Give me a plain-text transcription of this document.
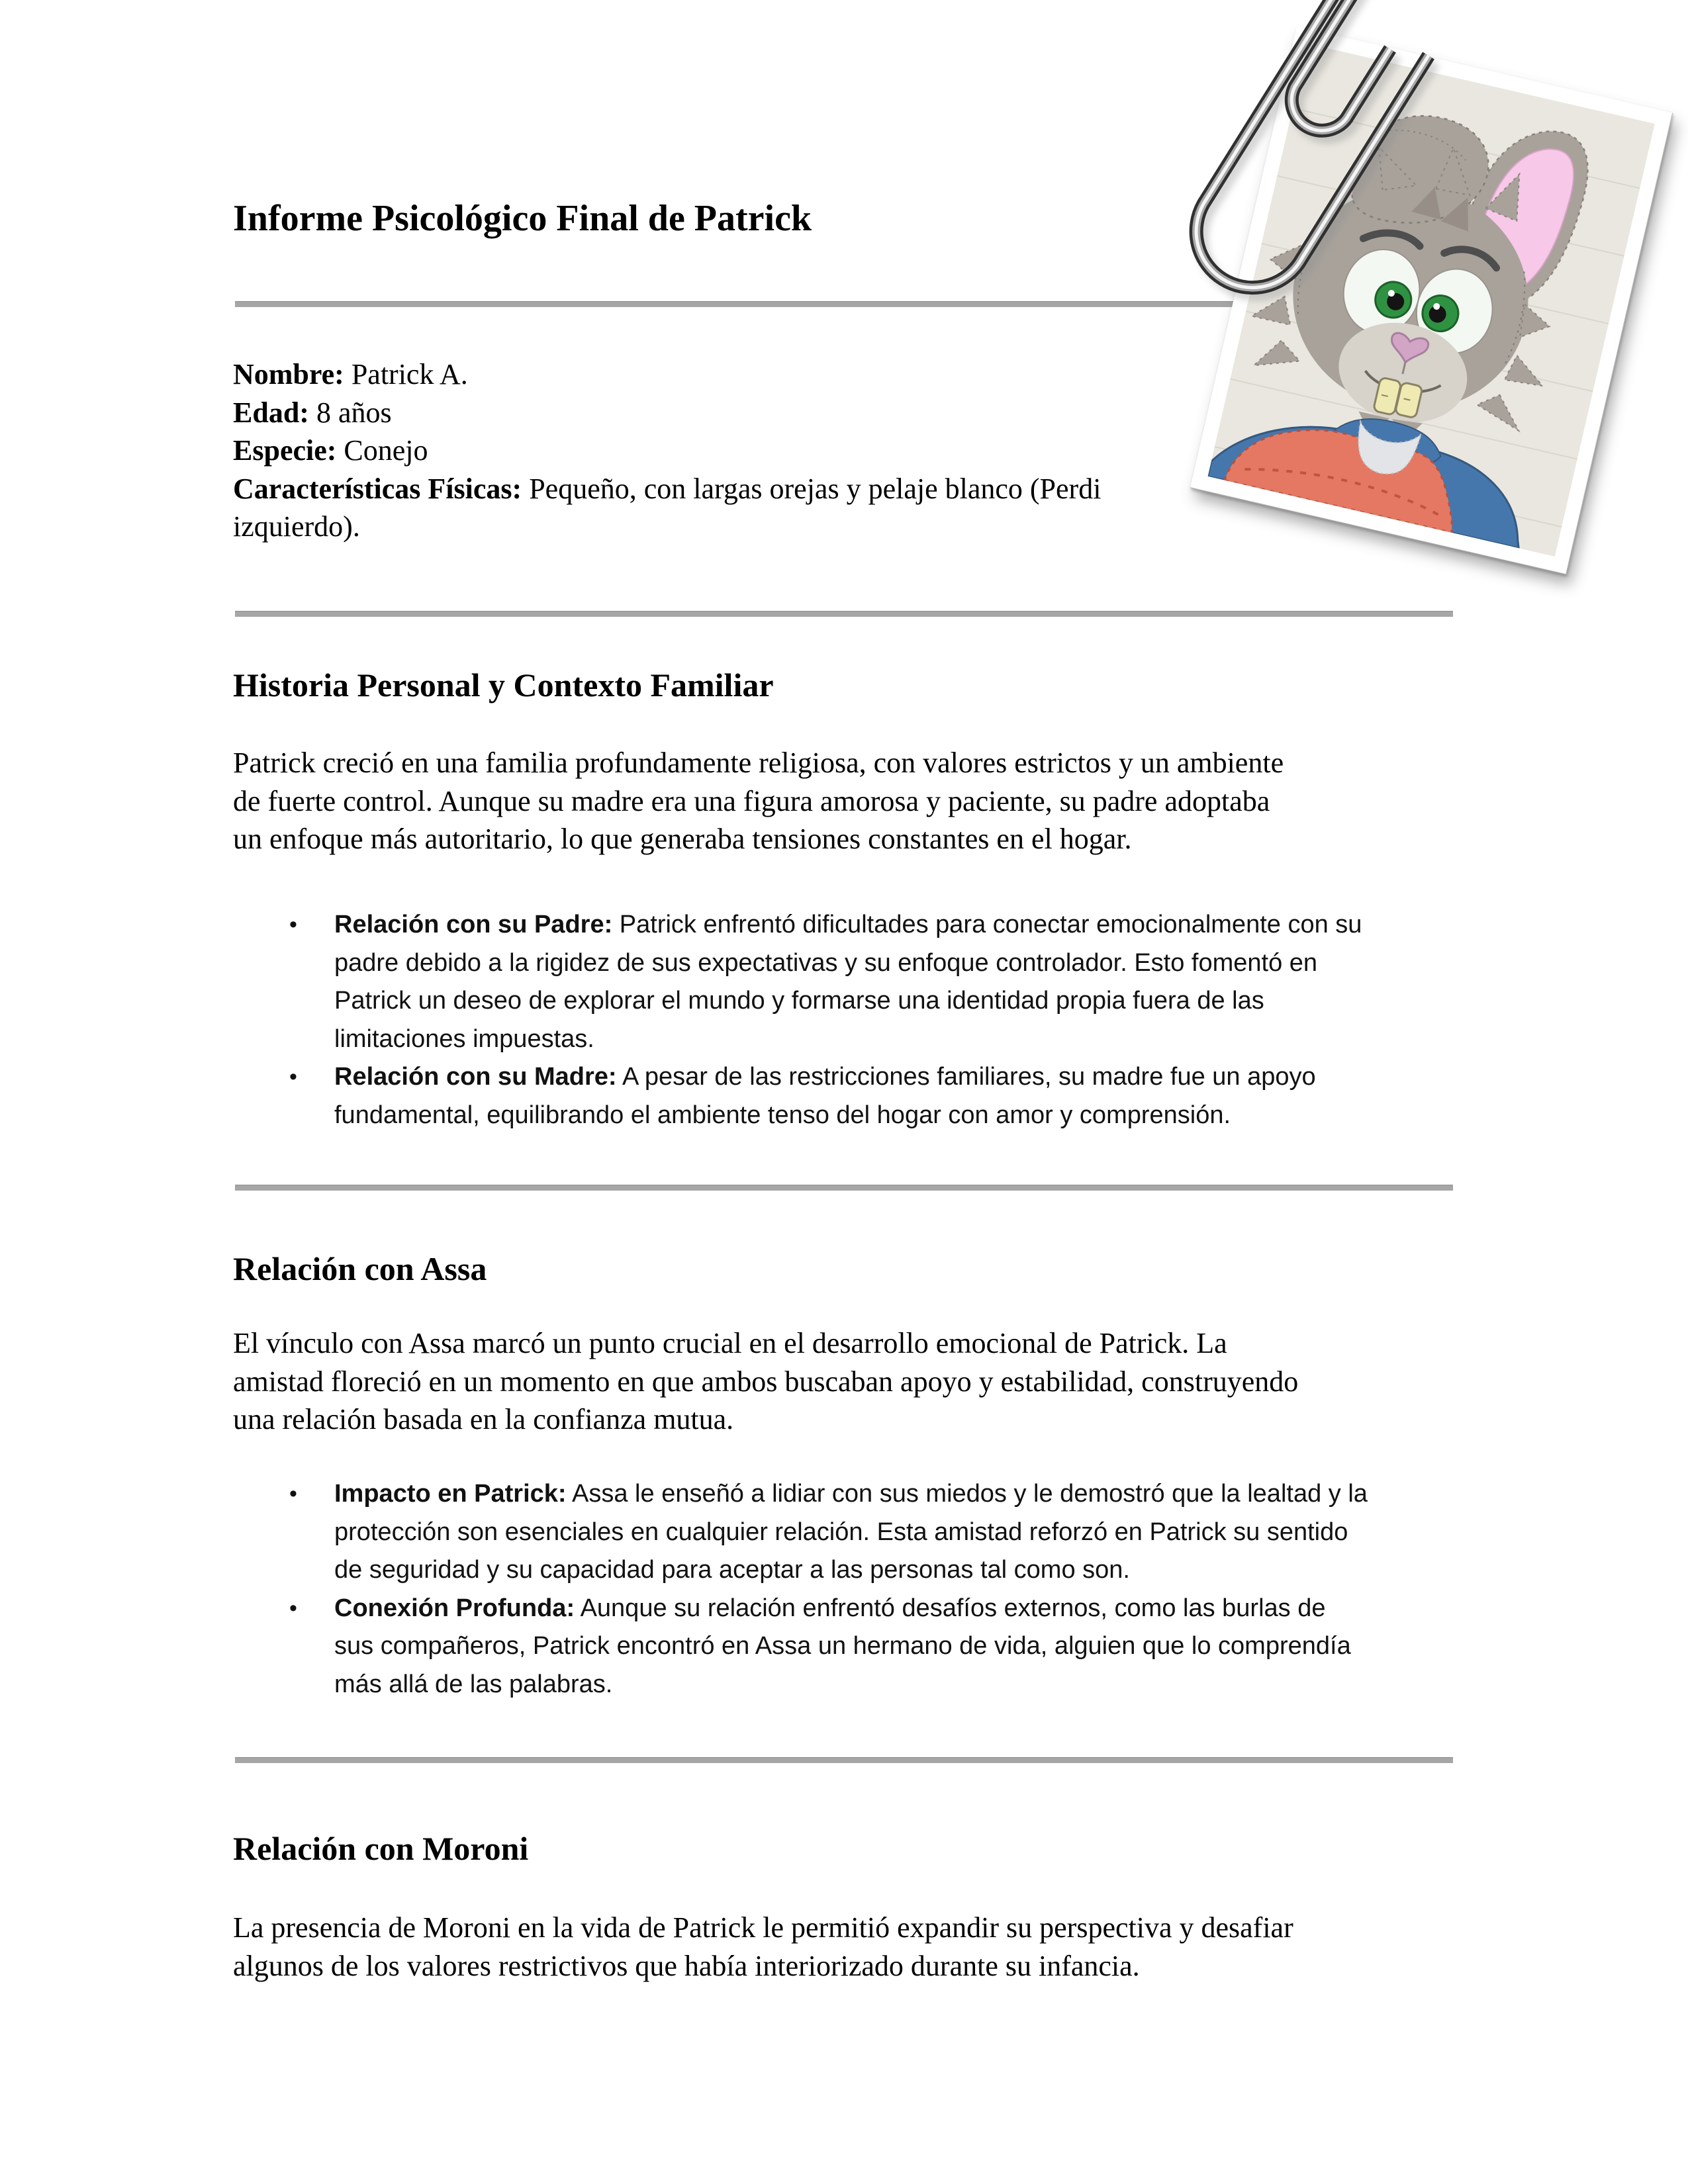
Informe Psicológico Final de Patrick
Nombre: Patrick A.
Edad: 8 años
Especie: Conejo
Características Físicas: Pequeño, con largas orejas y pelaje blanco (Perdi
izquierdo).
Historia Personal y Contexto Familiar
Patrick creció en una familia profundamente religiosa, con valores estrictos y un ambiente
de fuerte control. Aunque su madre era una figura amorosa y paciente, su padre adoptaba
un enfoque más autoritario, lo que generaba tensiones constantes en el hogar.
• Relación con su Padre: Patrick enfrentó dificultades para conectar emocionalmente con su
padre debido a la rigidez de sus expectativas y su enfoque controlador. Esto fomentó en
Patrick un deseo de explorar el mundo y formarse una identidad propia fuera de las
limitaciones impuestas.
• Relación con su Madre: A pesar de las restricciones familiares, su madre fue un apoyo
fundamental, equilibrando el ambiente tenso del hogar con amor y comprensión.
Relación con Assa
El vínculo con Assa marcó un punto crucial en el desarrollo emocional de Patrick. La
amistad floreció en un momento en que ambos buscaban apoyo y estabilidad, construyendo
una relación basada en la confianza mutua.
• Impacto en Patrick: Assa le enseñó a lidiar con sus miedos y le demostró que la lealtad y la
protección son esenciales en cualquier relación. Esta amistad reforzó en Patrick su sentido
de seguridad y su capacidad para aceptar a las personas tal como son.
• Conexión Profunda: Aunque su relación enfrentó desafíos externos, como las burlas de
sus compañeros, Patrick encontró en Assa un hermano de vida, alguien que lo comprendía
más allá de las palabras.
Relación con Moroni
La presencia de Moroni en la vida de Patrick le permitió expandir su perspectiva y desafiar
algunos de los valores restrictivos que había interiorizado durante su infancia.
